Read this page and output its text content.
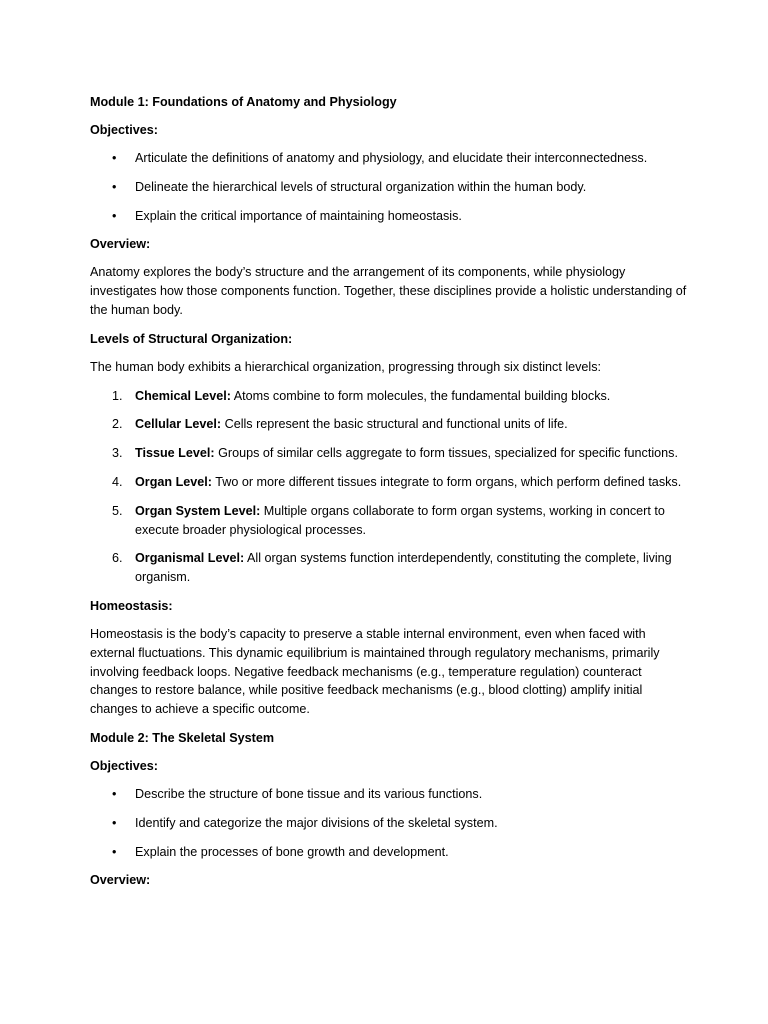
Module 1: Foundations of Anatomy and Physiology
Objectives:
• Articulate the definitions of anatomy and physiology, and elucidate their interconnectedness.
• Delineate the hierarchical levels of structural organization within the human body.
• Explain the critical importance of maintaining homeostasis.
Overview:

Anatomy explores the body’s structure and the arrangement of its components, while physiology investigates how those components function. Together, these disciplines provide a holistic understanding of the human body.

Levels of Structural Organization:

The human body exhibits a hierarchical organization, progressing through six distinct levels:

1. Chemical Level: Atoms combine to form molecules, the fundamental building blocks.
2. Cellular Level: Cells represent the basic structural and functional units of life.
3. Tissue Level: Groups of similar cells aggregate to form tissues, specialized for specific functions.
4. Organ Level: Two or more different tissues integrate to form organs, which perform defined tasks.
5. Organ System Level: Multiple organs collaborate to form organ systems, working in concert to execute broader physiological processes.
6. Organismal Level: All organ systems function interdependently, constituting the complete, living organism.
Homeostasis:

Homeostasis is the body’s capacity to preserve a stable internal environment, even when faced with external fluctuations. This dynamic equilibrium is maintained through regulatory mechanisms, primarily involving feedback loops. Negative feedback mechanisms (e.g., temperature regulation) counteract changes to restore balance, while positive feedback mechanisms (e.g., blood clotting) amplify initial changes to achieve a specific outcome.

Module 2: The Skeletal System
Objectives:
• Describe the structure of bone tissue and its various functions.
• Identify and categorize the major divisions of the skeletal system.
• Explain the processes of bone growth and development.
Overview:
